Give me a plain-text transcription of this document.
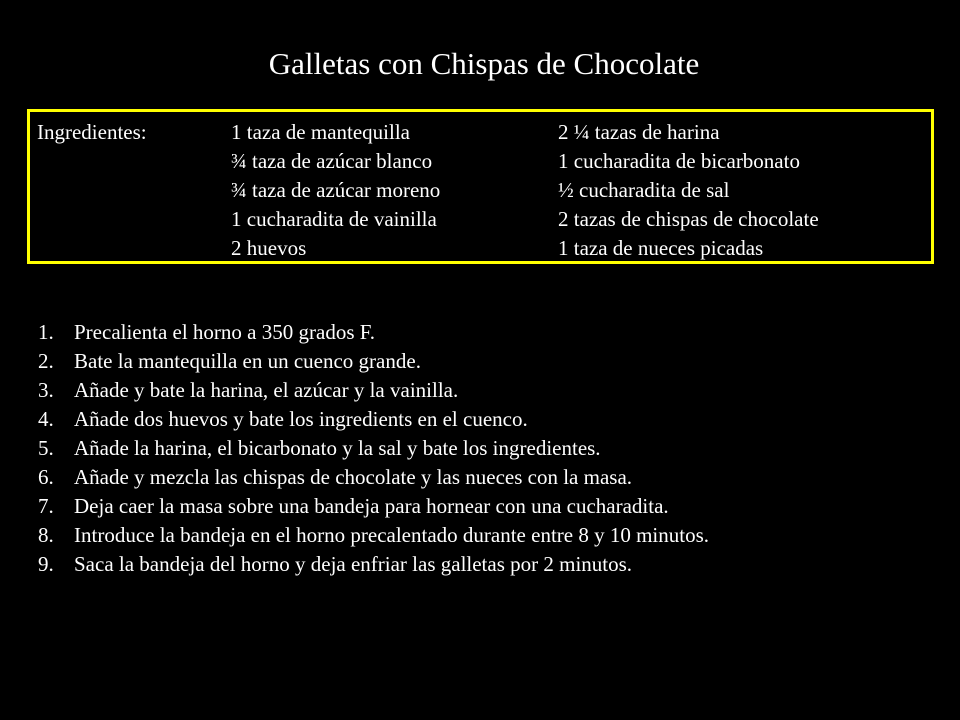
Galletas con Chispas de Chocolate
Ingredientes:	1 taza de mantequilla
¾ taza de azúcar blanco
¾ taza de azúcar moreno
1 cucharadita de vainilla
2 huevos
2 ¼ tazas de harina
1 cucharadita de bicarbonato
½ cucharadita de sal
2 tazas de chispas de chocolate
1 taza de nueces picadas
1. Precalienta el horno a 350 grados F.
2. Bate la mantequilla en un cuenco grande.
3. Añade y bate la harina, el azúcar y la vainilla.
4. Añade dos huevos y bate los ingredients en el cuenco.
5. Añade la harina, el bicarbonato y la sal y bate los ingredientes.
6. Añade y mezcla las chispas de chocolate y las nueces con la masa.
7. Deja caer la masa sobre una bandeja para hornear con una cucharadita.
8. Introduce la bandeja en el horno precalentado durante entre 8 y 10 minutos.
9. Saca la bandeja del horno y deja enfriar las galletas por 2 minutos.
